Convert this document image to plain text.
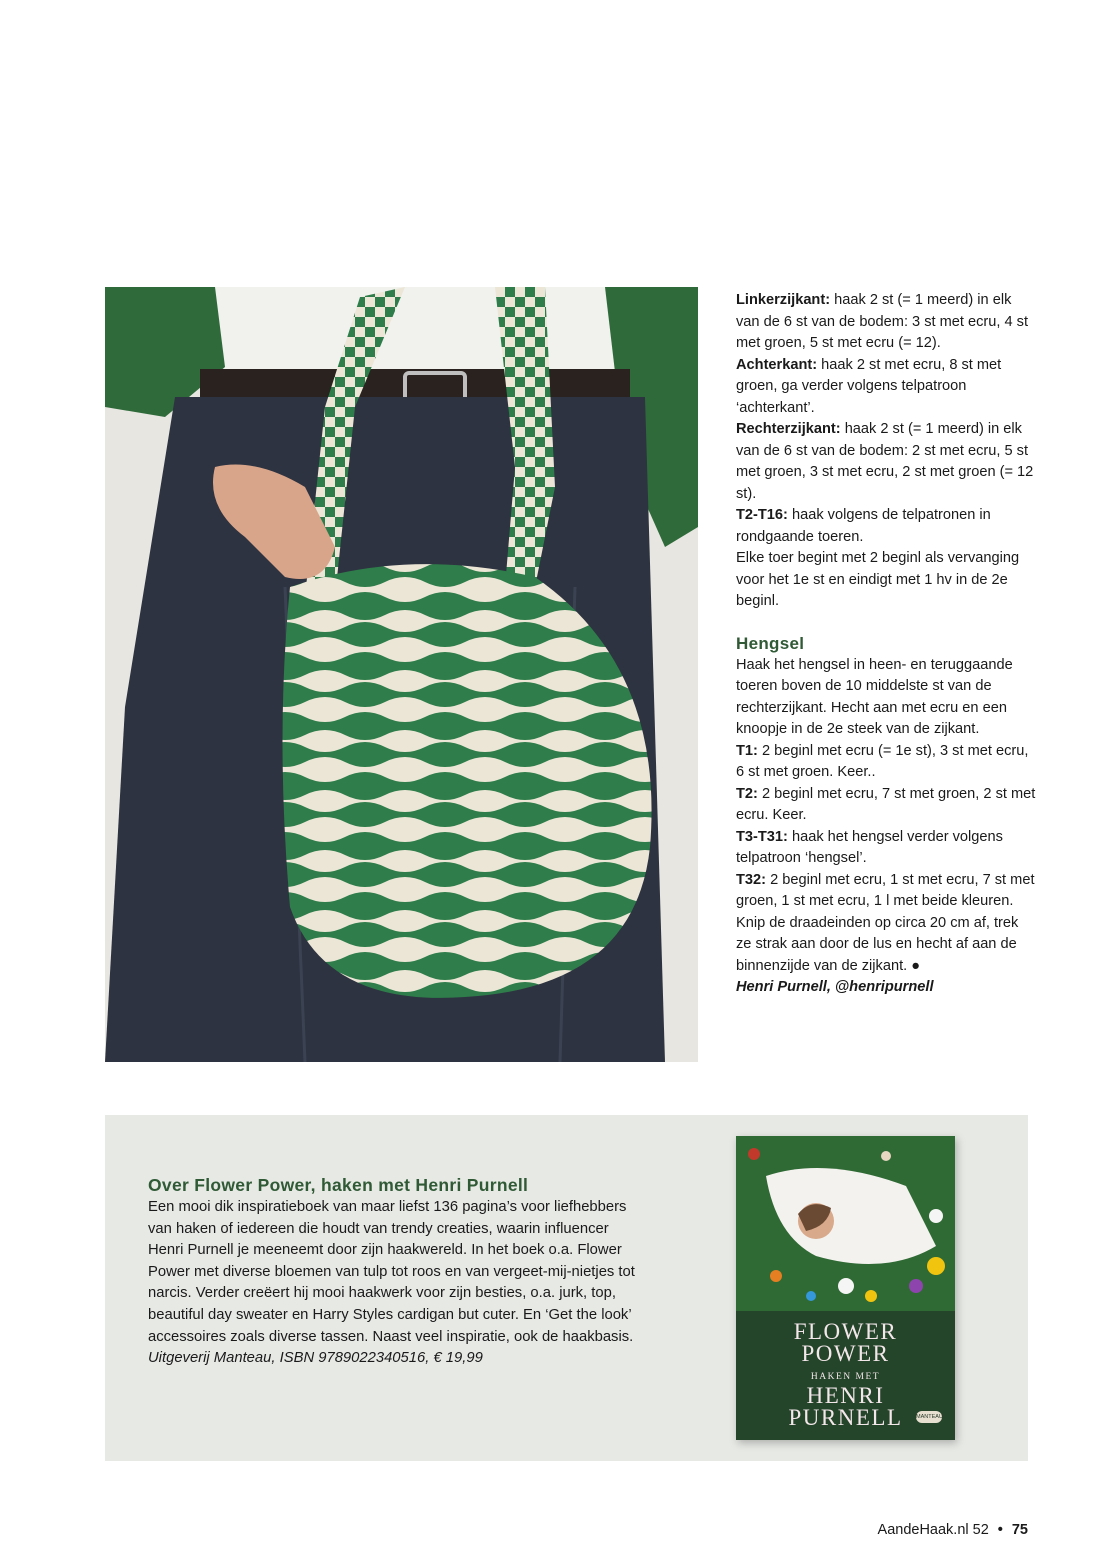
Linkerzijkant: haak 2 st (= 1 meerd) in elk van de 6 st van de bodem: 3 st met ecru, 4 st met groen, 5 st met ecru (= 12).

Achterkant: haak 2 st met ecru, 8 st met groen, ga verder volgens telpatroon ‘achterkant’.

Rechterzijkant: haak 2 st (= 1 meerd) in elk van de 6 st van de bodem: 2 st met ecru, 5 st met groen, 3 st met ecru, 2 st met groen (= 12 st).

T2-T16: haak volgens de telpatronen in rondgaande toeren.

Elke toer begint met 2 beginl als vervanging voor het 1e st en eindigt met 1 hv in de 2e beginl.

Hengsel

Haak het hengsel in heen- en teruggaande toeren boven de 10 middelste st van de rechterzijkant. Hecht aan met ecru en een knoopje in de 2e steek van de zijkant.

T1: 2 beginl met ecru (= 1e st), 3 st met ecru, 6 st met groen. Keer..

T2: 2 beginl met ecru, 7 st met groen, 2 st met ecru. Keer.

T3-T31: haak het hengsel verder volgens telpatroon ‘hengsel’.

T32: 2 beginl met ecru, 1 st met ecru, 7 st met groen, 1 st met ecru, 1 l met beide kleuren. Knip de draadeinden op circa 20 cm af, trek ze strak aan door de lus en hecht af aan de binnenzijde van de zijkant. ●

Henri Purnell, @henripurnell

Over Flower Power, haken met Henri Purnell

Een mooi dik inspiratieboek van maar liefst 136 pagina’s voor liefhebbers van haken of iedereen die houdt van trendy creaties, waarin influencer Henri Purnell je meeneemt door zijn haakwereld. In het boek o.a. Flower Power met diverse bloemen van tulp tot roos en van vergeet-mij-nietjes tot narcis. Verder creëert hij mooi haakwerk voor zijn besties, o.a. jurk, top, beautiful day sweater en Harry Styles cardigan but cuter. En ‘Get the look’ accessoires zoals diverse tassen. Naast veel inspiratie, ook de haakbasis.

Uitgeverij Manteau, ISBN 9789022340516, € 19,99

FLOWER
POWER
HAKEN MET
HENRI
PURNELL	MANTEAU
AandeHaak.nl 52 • 75
